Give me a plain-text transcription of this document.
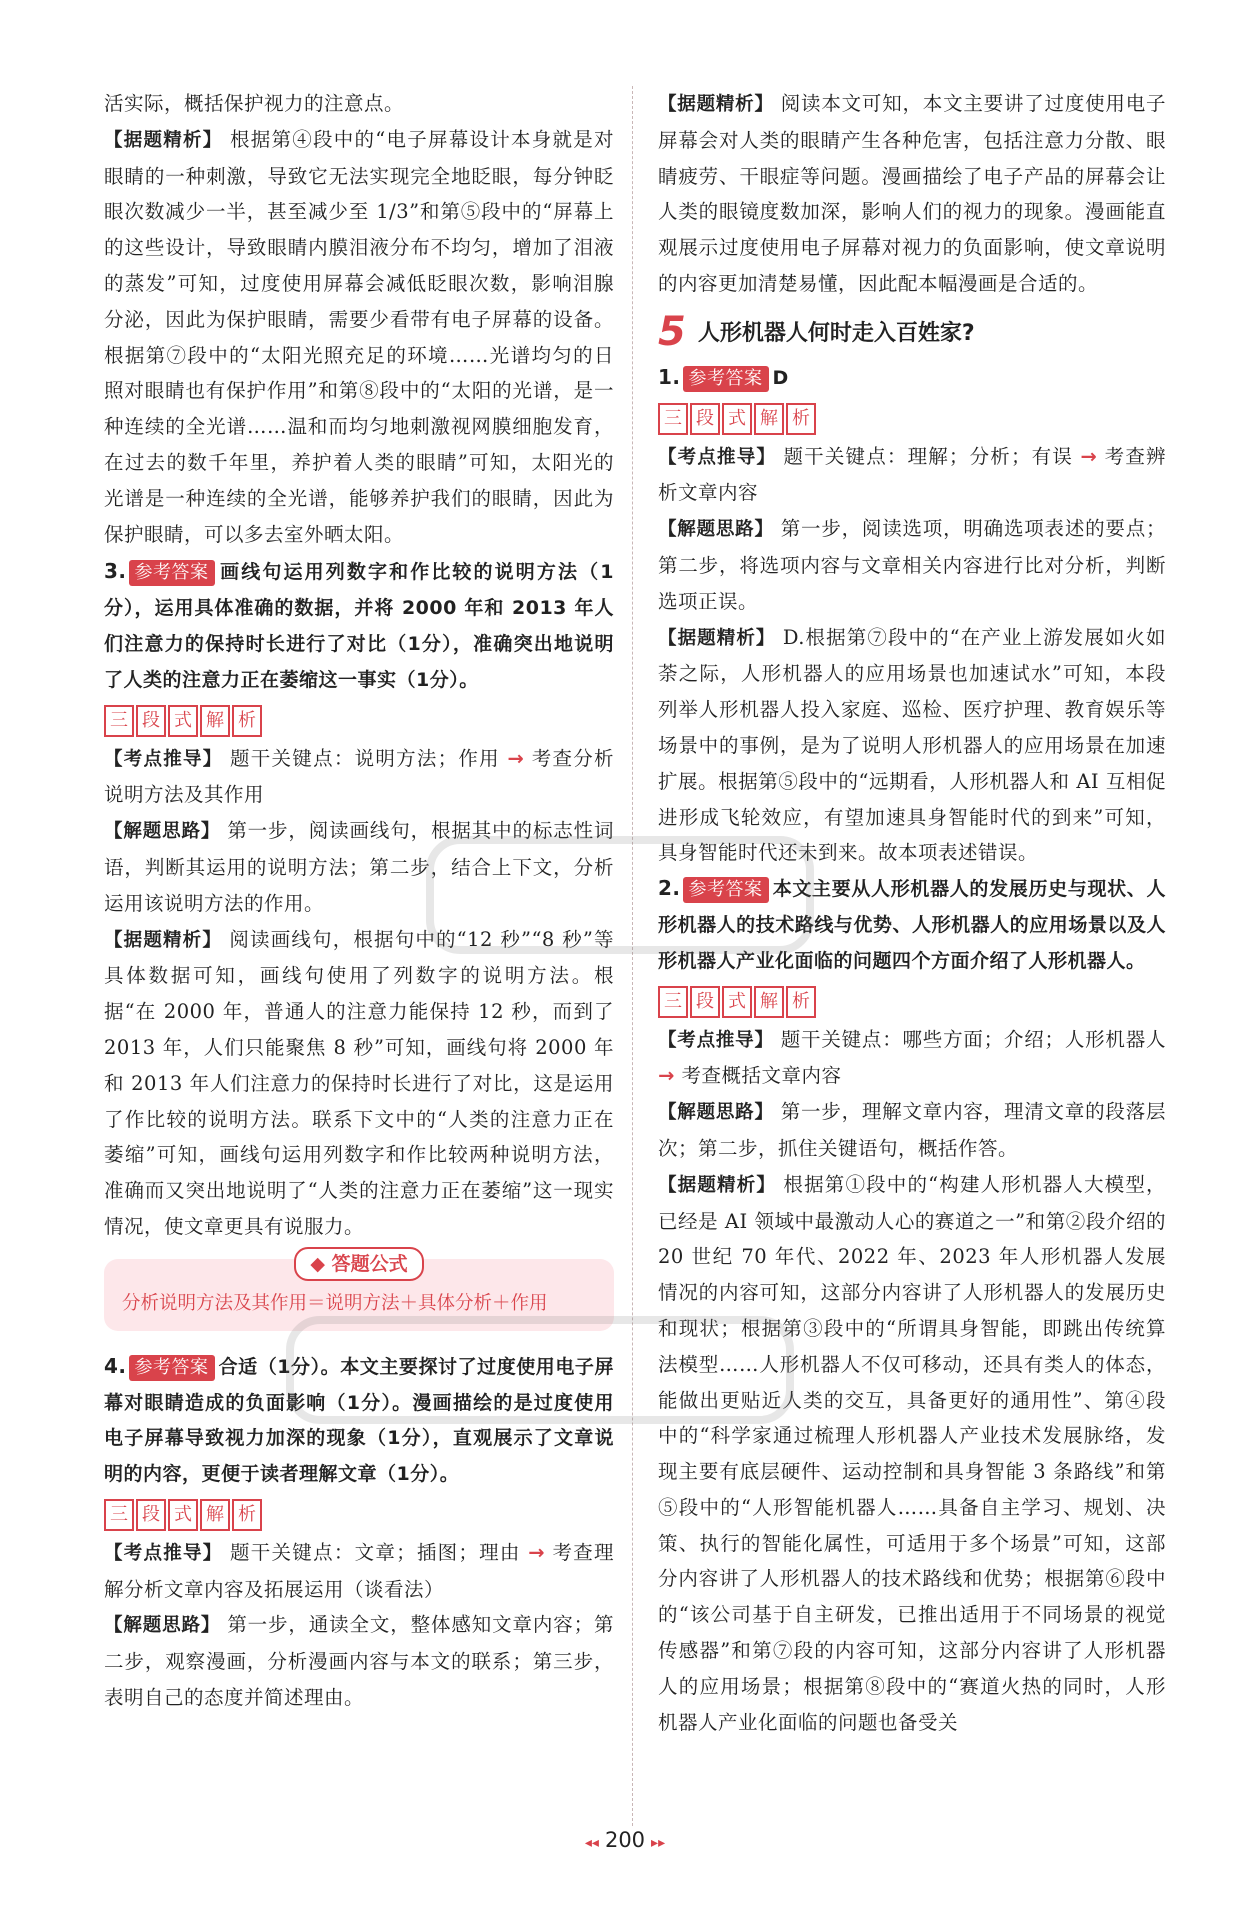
活实际，概括保护视力的注意点。

【据题精析】 根据第④段中的“电子屏幕设计本身就是对眼睛的一种刺激，导致它无法实现完全地眨眼，每分钟眨眼次数减少一半，甚至减少至 1/3”和第⑤段中的“屏幕上的这些设计，导致眼睛内膜泪液分布不均匀，增加了泪液的蒸发”可知，过度使用屏幕会减低眨眼次数，影响泪腺分泌，因此为保护眼睛，需要少看带有电子屏幕的设备。根据第⑦段中的“太阳光照充足的环境……光谱均匀的日照对眼睛也有保护作用”和第⑧段中的“太阳的光谱，是一种连续的全光谱……温和而均匀地刺激视网膜细胞发育，在过去的数千年里，养护着人类的眼睛”可知，太阳光的光谱是一种连续的全光谱，能够养护我们的眼睛，因此为保护眼睛，可以多去室外晒太阳。

3. 参考答案 画线句运用列数字和作比较的说明方法（1分），运用具体准确的数据，并将 2000 年和 2013 年人们注意力的保持时长进行了对比（1分），准确突出地说明了人类的注意力正在萎缩这一事实（1分）。

三 段 式 解 析

【考点推导】 题干关键点：说明方法；作用 → 考查分析说明方法及其作用

【解题思路】 第一步，阅读画线句，根据其中的标志性词语，判断其运用的说明方法；第二步，结合上下文，分析运用该说明方法的作用。

【据题精析】 阅读画线句，根据句中的“12 秒”“8 秒”等具体数据可知，画线句使用了列数字的说明方法。根据“在 2000 年，普通人的注意力能保持 12 秒，而到了 2013 年，人们只能聚焦 8 秒”可知，画线句将 2000 年和 2013 年人们注意力的保持时长进行了对比，这是运用了作比较的说明方法。联系下文中的“人类的注意力正在萎缩”可知，画线句运用列数字和作比较两种说明方法，准确而又突出地说明了“人类的注意力正在萎缩”这一现实情况，使文章更具有说服力。

◆ 答题公式

分析说明方法及其作用＝说明方法＋具体分析＋作用

4. 参考答案 合适（1分）。本文主要探讨了过度使用电子屏幕对眼睛造成的负面影响（1分）。漫画描绘的是过度使用电子屏幕导致视力加深的现象（1分），直观展示了文章说明的内容，更便于读者理解文章（1分）。

三 段 式 解 析

【考点推导】 题干关键点：文章；插图；理由 → 考查理解分析文章内容及拓展运用（谈看法）

【解题思路】 第一步，通读全文，整体感知文章内容；第二步，观察漫画，分析漫画内容与本文的联系；第三步，表明自己的态度并简述理由。

【据题精析】 阅读本文可知，本文主要讲了过度使用电子屏幕会对人类的眼睛产生各种危害，包括注意力分散、眼睛疲劳、干眼症等问题。漫画描绘了电子产品的屏幕会让人类的眼镜度数加深，影响人们的视力的现象。漫画能直观展示过度使用电子屏幕对视力的负面影响，使文章说明的内容更加清楚易懂，因此配本幅漫画是合适的。

5 人形机器人何时走入百姓家?

1. 参考答案 D

三 段 式 解 析

【考点推导】 题干关键点：理解；分析；有误 → 考查辨析文章内容

【解题思路】 第一步，阅读选项，明确选项表述的要点；第二步，将选项内容与文章相关内容进行比对分析，判断选项正误。

【据题精析】 D.根据第⑦段中的“在产业上游发展如火如荼之际，人形机器人的应用场景也加速试水”可知，本段列举人形机器人投入家庭、巡检、医疗护理、教育娱乐等场景中的事例，是为了说明人形机器人的应用场景在加速扩展。根据第⑤段中的“远期看，人形机器人和 AI 互相促进形成飞轮效应，有望加速具身智能时代的到来”可知，具身智能时代还未到来。故本项表述错误。

2. 参考答案 本文主要从人形机器人的发展历史与现状、人形机器人的技术路线与优势、人形机器人的应用场景以及人形机器人产业化面临的问题四个方面介绍了人形机器人。

三 段 式 解 析

【考点推导】 题干关键点：哪些方面；介绍；人形机器人 → 考查概括文章内容

【解题思路】 第一步，理解文章内容，理清文章的段落层次；第二步，抓住关键语句，概括作答。

【据题精析】 根据第①段中的“构建人形机器人大模型，已经是 AI 领域中最激动人心的赛道之一”和第②段介绍的 20 世纪 70 年代、2022 年、2023 年人形机器人发展情况的内容可知，这部分内容讲了人形机器人的发展历史和现状；根据第③段中的“所谓具身智能，即跳出传统算法模型……人形机器人不仅可移动，还具有类人的体态，能做出更贴近人类的交互，具备更好的通用性”、第④段中的“科学家通过梳理人形机器人产业技术发展脉络，发现主要有底层硬件、运动控制和具身智能 3 条路线”和第⑤段中的“人形智能机器人……具备自主学习、规划、决策、执行的智能化属性，可适用于多个场景”可知，这部分内容讲了人形机器人的技术路线和优势；根据第⑥段中的“该公司基于自主研发，已推出适用于不同场景的视觉传感器”和第⑦段的内容可知，这部分内容讲了人形机器人的应用场景；根据第⑧段中的“赛道火热的同时，人形机器人产业化面临的问题也备受关

◂◂ 200 ▸▸
